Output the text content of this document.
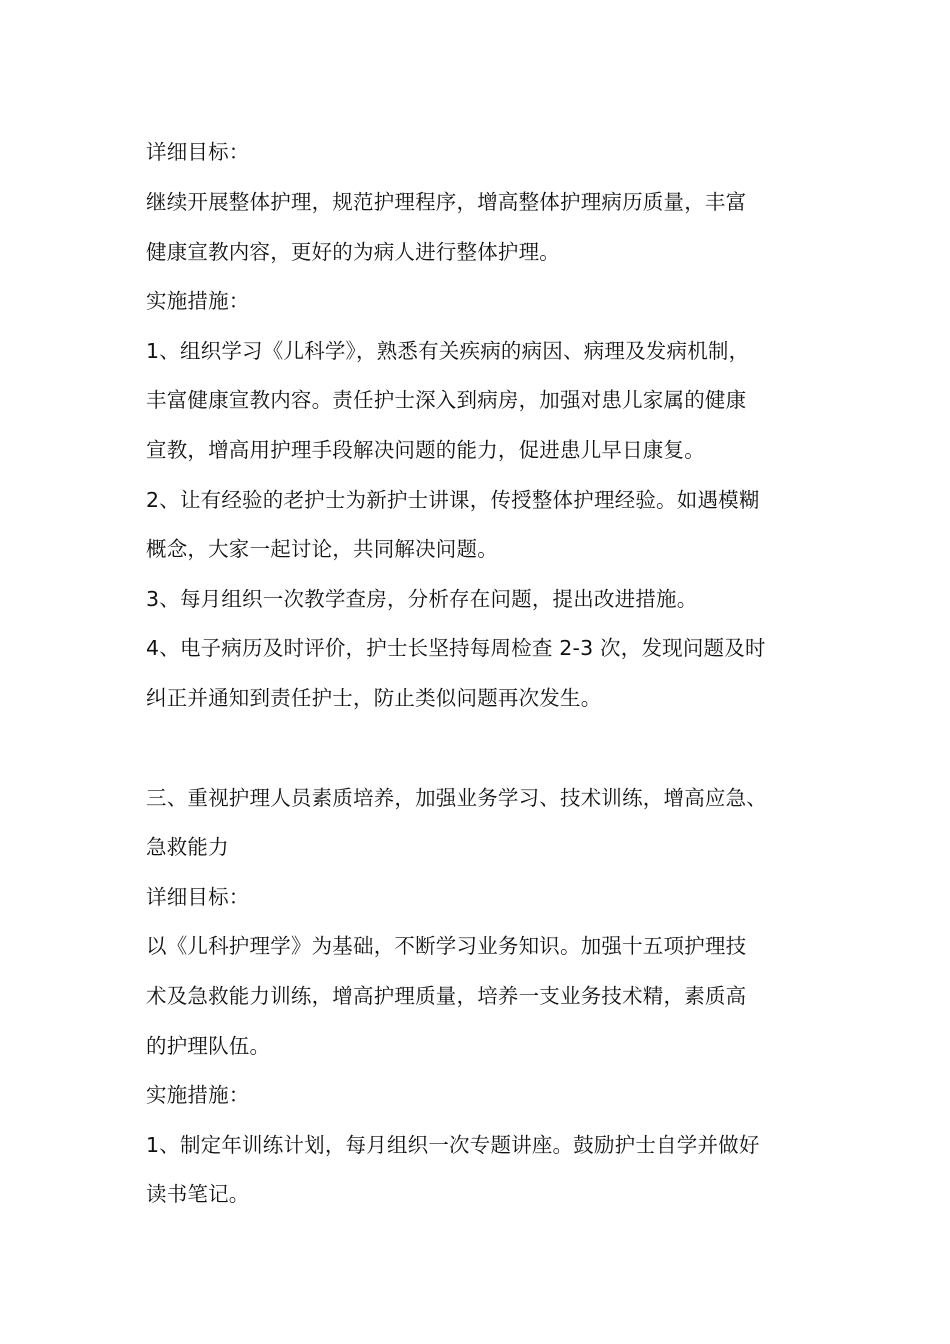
详细目标：

继续开展整体护理，规范护理程序，增高整体护理病历质量，丰富

健康宣教内容，更好的为病人进行整体护理。

实施措施：

1、组织学习《儿科学》，熟悉有关疾病的病因、病理及发病机制，

丰富健康宣教内容。责任护士深入到病房，加强对患儿家属的健康

宣教，增高用护理手段解决问题的能力，促进患儿早日康复。

2、让有经验的老护士为新护士讲课，传授整体护理经验。如遇模糊

概念，大家一起讨论，共同解决问题。

3、每月组织一次教学查房，分析存在问题，提出改进措施。

4、电子病历及时评价，护士长坚持每周检查 2-3 次，发现问题及时

纠正并通知到责任护士，防止类似问题再次发生。

三、重视护理人员素质培养，加强业务学习、技术训练，增高应急、

急救能力

详细目标：

以《儿科护理学》为基础，不断学习业务知识。加强十五项护理技

术及急救能力训练，增高护理质量，培养一支业务技术精，素质高

的护理队伍。

实施措施：

1、制定年训练计划，每月组织一次专题讲座。鼓励护士自学并做好

读书笔记。
